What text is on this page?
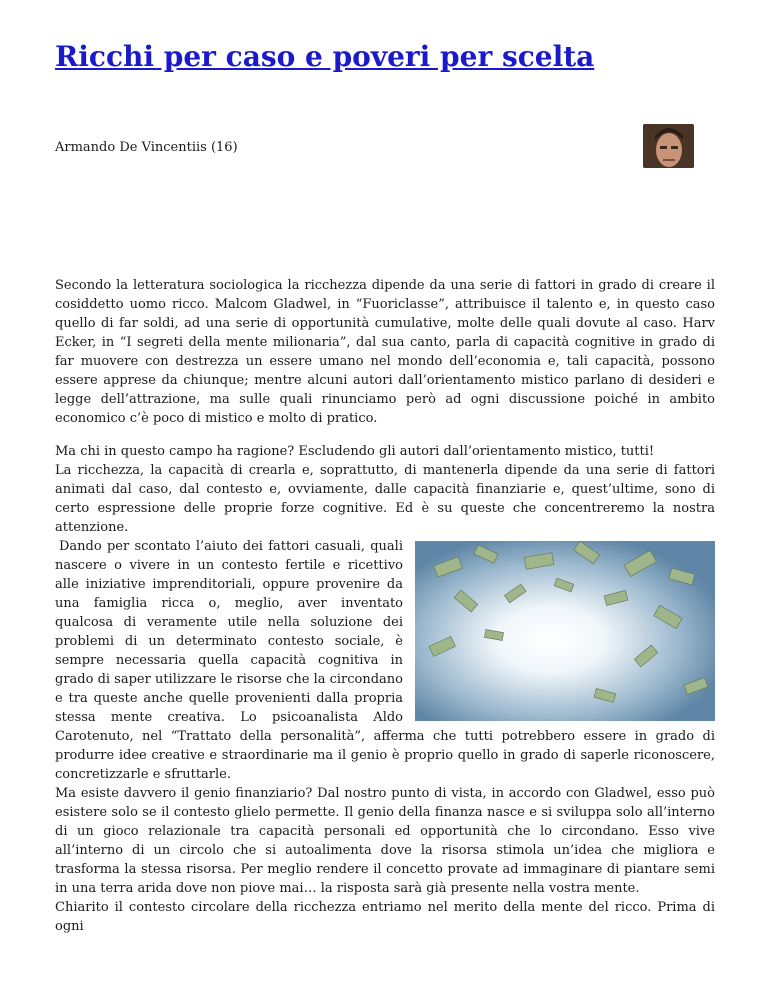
Ricchi per caso e poveri per scelta
Armando De Vincentiis (16)

Secondo la letteratura sociologica la ricchezza dipende da una serie di fattori in grado di creare il cosiddetto uomo ricco. Malcom Gladwel, in “Fuoriclasse”, attribuisce il talento e, in questo caso quello di far soldi, ad una serie di opportunità cumulative, molte delle quali dovute al caso. Harv Ecker, in “I segreti della mente milionaria”, dal sua canto, parla di capacità cognitive in grado di far muovere con destrezza un essere umano nel mondo dell’economia e, tali capacità, possono essere apprese da chiunque; mentre alcuni autori dall’orientamento mistico parlano di desideri e legge dell’attrazione, ma sulle quali rinunciamo però ad ogni discussione poiché in ambito economico c’è poco di mistico e molto di pratico.

Ma chi in questo campo ha ragione? Escludendo gli autori dall’orientamento mistico, tutti!

La ricchezza, la capacità di crearla e, soprattutto, di mantenerla dipende da una serie di fattori animati dal caso, dal contesto e, ovviamente, dalle capacità finanziarie e, quest’ultime, sono di certo espressione delle proprie forze cognitive. Ed è su queste che concentreremo la nostra attenzione.

Dando per scontato l’aiuto dei fattori casuali, quali nascere o vivere in un contesto fertile e ricettivo alle iniziative imprenditoriali, oppure provenire da una famiglia ricca o, meglio, aver inventato qualcosa di veramente utile nella soluzione dei problemi di un determinato contesto sociale, è sempre necessaria quella capacità cognitiva in grado di saper utilizzare le risorse che la circondano e tra queste anche quelle provenienti dalla propria stessa mente creativa. Lo psicoanalista Aldo Carotenuto, nel “Trattato della personalità”, afferma che tutti potrebbero essere in grado di produrre idee creative e straordinarie ma il genio è proprio quello in grado di saperle riconoscere, concretizzarle e sfruttarle.

Ma esiste davvero il genio finanziario? Dal nostro punto di vista, in accordo con Gladwel, esso può esistere solo se il contesto glielo permette. Il genio della finanza nasce e si sviluppa solo all’interno di un gioco relazionale tra capacità personali ed opportunità che lo circondano. Esso vive all’interno di un circolo che si autoalimenta dove la risorsa stimola un’idea che migliora e trasforma la stessa risorsa. Per meglio rendere il concetto provate ad immaginare di piantare semi in una terra arida dove non piove mai… la risposta sarà già presente nella vostra mente.

Chiarito il contesto circolare della ricchezza entriamo nel merito della mente del ricco. Prima di ogni
